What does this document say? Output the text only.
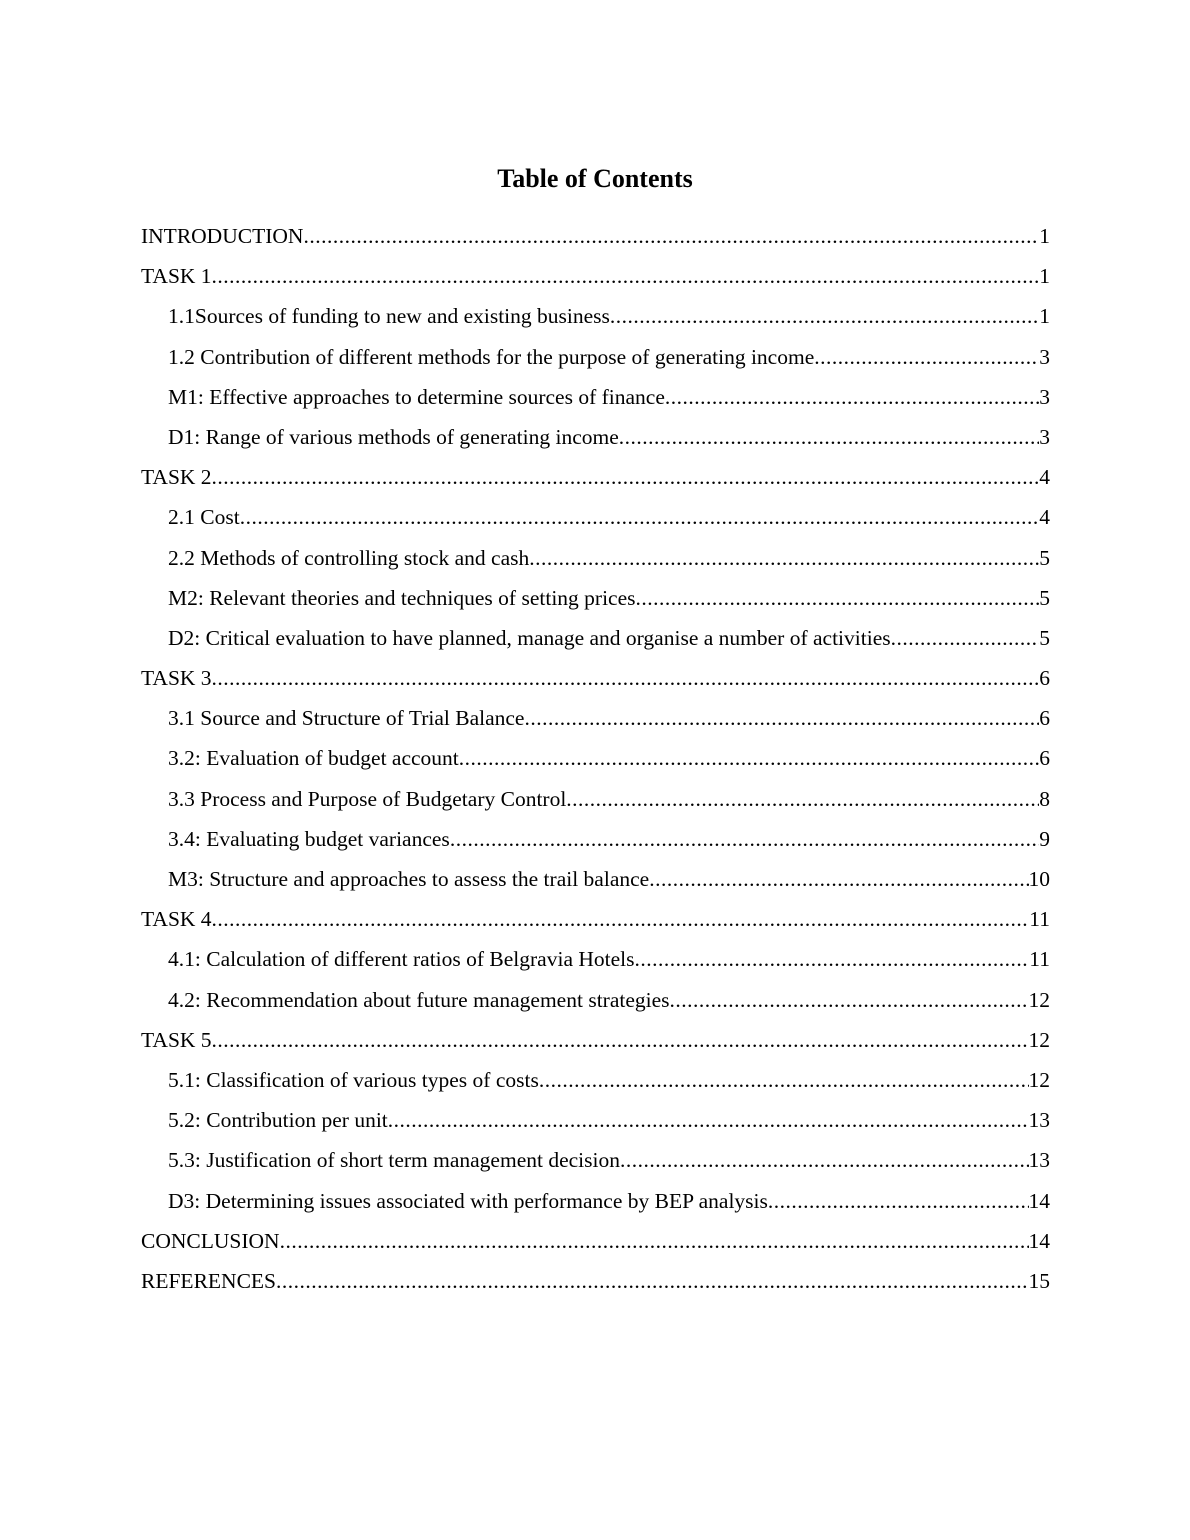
Table of Contents
INTRODUCTION .....	1
TASK 1 .....	1
1.1Sources of funding to new and existing business .....	1
1.2 Contribution of different methods for the purpose of generating income .....	3
M1: Effective approaches to determine sources of finance .....	3
D1: Range of various methods of generating income .....	3
TASK 2 .....	4
2.1 Cost .....	4
2.2 Methods of controlling stock and cash .....	5
M2: Relevant theories and techniques of setting prices .....	5
D2: Critical evaluation to have planned, manage and organise a number of activities .....	5
TASK 3 .....	6
3.1 Source and Structure of Trial Balance .....	6
3.2: Evaluation of budget account .....	6
3.3 Process and Purpose of Budgetary Control .....	8
3.4: Evaluating budget variances .....	9
M3: Structure and approaches to assess the trail balance .....	10
TASK 4 .....	11
4.1: Calculation of different ratios of Belgravia Hotels .....	11
4.2: Recommendation about future management strategies .....	12
TASK 5 .....	12
5.1: Classification of various types of costs .....	12
5.2: Contribution per unit .....	13
5.3: Justification of short term management decision .....	13
D3: Determining issues associated with performance by BEP analysis .....	14
CONCLUSION .....	14
REFERENCES .....	15
